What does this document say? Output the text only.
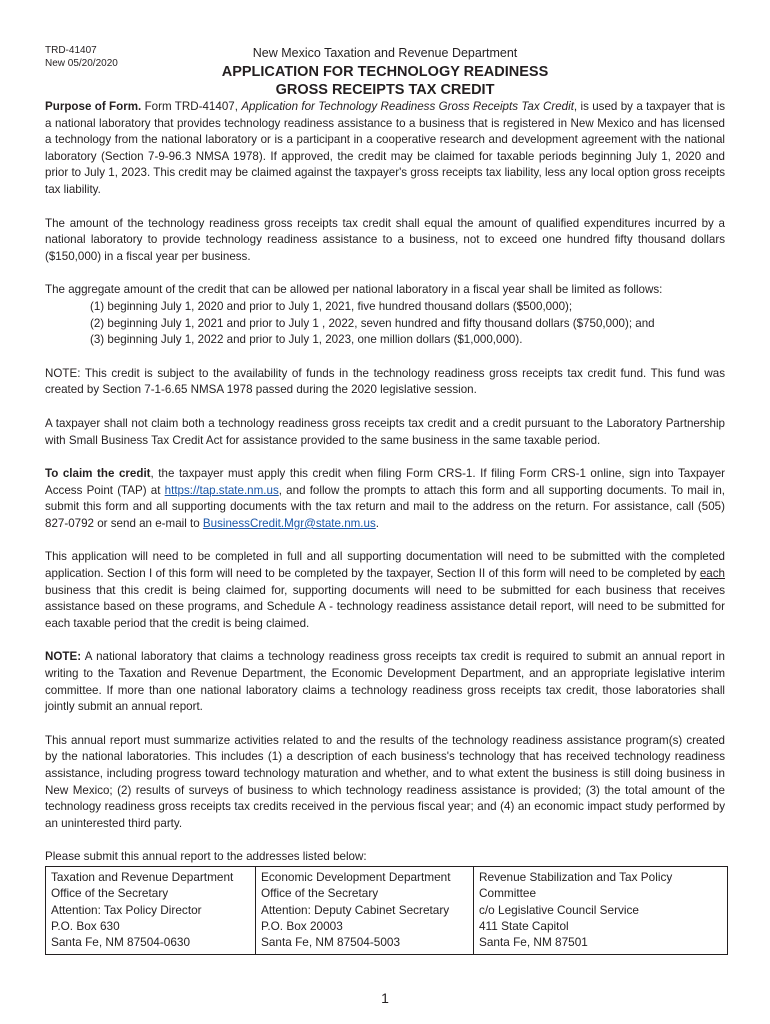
TRD-41407
New 05/20/2020
New Mexico Taxation and Revenue Department
APPLICATION FOR TECHNOLOGY READINESS
GROSS RECEIPTS TAX CREDIT

Purpose of Form. Form TRD-41407, Application for Technology Readiness Gross Receipts Tax Credit, is used by a taxpayer that is a national laboratory that provides technology readiness assistance to a business that is registered in New Mexico and has licensed a technology from the national laboratory or is a participant in a cooperative research and development agreement with the national laboratory (Section 7-9-96.3 NMSA 1978). If approved, the credit may be claimed for taxable periods beginning July 1, 2020 and prior to July 1, 2023. This credit may be claimed against the taxpayer's gross receipts tax liability, less any local option gross receipts tax liability.

The amount of the technology readiness gross receipts tax credit shall equal the amount of qualified expenditures incurred by a national laboratory to provide technology readiness assistance to a business, not to exceed one hundred fifty thousand dollars ($150,000) in a fiscal year per business.

The aggregate amount of the credit that can be allowed per national laboratory in a fiscal year shall be limited as follows:
(1) beginning July 1, 2020 and prior to July 1, 2021, five hundred thousand dollars ($500,000);
(2) beginning July 1, 2021 and prior to July 1 , 2022, seven hundred and fifty thousand dollars ($750,000); and
(3) beginning July 1, 2022 and prior to July 1, 2023, one million dollars ($1,000,000).

NOTE: This credit is subject to the availability of funds in the technology readiness gross receipts tax credit fund. This fund was created by Section 7-1-6.65 NMSA 1978 passed during the 2020 legislative session.

A taxpayer shall not claim both a technology readiness gross receipts tax credit and a credit pursuant to the Laboratory Partnership with Small Business Tax Credit Act for assistance provided to the same business in the same taxable period.

To claim the credit, the taxpayer must apply this credit when filing Form CRS-1. If filing Form CRS-1 online, sign into Taxpayer Access Point (TAP) at https://tap.state.nm.us, and follow the prompts to attach this form and all supporting documents. To mail in, submit this form and all supporting documents with the tax return and mail to the address on the return. For assistance, call (505) 827-0792 or send an e-mail to BusinessCredit.Mgr@state.nm.us.

This application will need to be completed in full and all supporting documentation will need to be submitted with the completed application. Section I of this form will need to be completed by the taxpayer, Section II of this form will need to be completed by each business that this credit is being claimed for, supporting documents will need to be submitted for each business that receives assistance based on these programs, and Schedule A - technology readiness assistance detail report, will need to be submitted for each taxable period that the credit is being claimed.

NOTE: A national laboratory that claims a technology readiness gross receipts tax credit is required to submit an annual report in writing to the Taxation and Revenue Department, the Economic Development Department, and an appropriate legislative interim committee. If more than one national laboratory claims a technology readiness gross receipts tax credit, those laboratories shall jointly submit an annual report.

This annual report must summarize activities related to and the results of the technology readiness assistance program(s) created by the national laboratories. This includes (1) a description of each business's technology that has received technology readiness assistance, including progress toward technology maturation and whether, and to what extent the business is still doing business in New Mexico; (2) results of surveys of business to which technology readiness assistance is provided; (3) the total amount of the technology readiness gross receipts tax credits received in the pervious fiscal year; and (4) an economic impact study performed by an uninterested third party.

Please submit this annual report to the addresses listed below:

Taxation and Revenue Department
Office of the Secretary
Attention: Tax Policy Director
P.O. Box 630
Santa Fe, NM 87504-0630

Economic Development Department
Office of the Secretary
Attention: Deputy Cabinet Secretary
P.O. Box 20003
Santa Fe, NM 87504-5003

Revenue Stabilization and Tax Policy
Committee
c/o Legislative Council Service
411 State Capitol
Santa Fe, NM 87501
1
